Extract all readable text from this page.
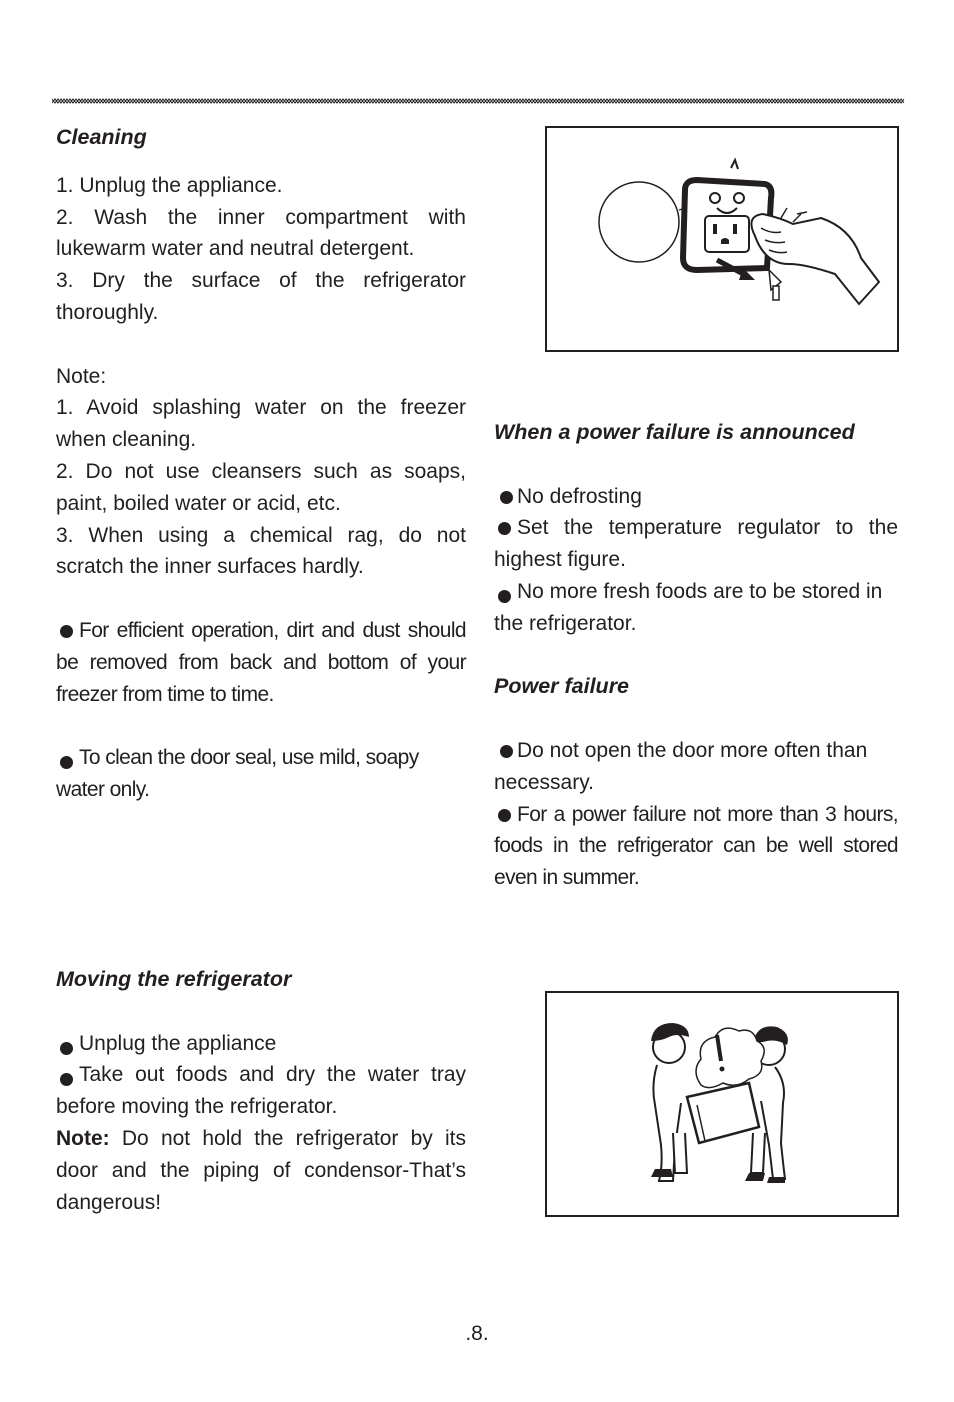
Cleaning

1. Unplug the appliance.

2. Wash the inner compartment with lukewarm water and neutral detergent.

3. Dry the surface of the refrigerator thoroughly.

Note:

1. Avoid splashing water on the freezer when cleaning.

2. Do not use cleansers such as soaps, paint, boiled water or acid, etc.

3. When using a chemical rag, do not scratch the inner surfaces hardly.

For efficient operation, dirt and dust should be removed from back and bottom of your freezer from time to time.

To clean the door seal, use mild, soapy water only.

When a power failure is announced

No defrosting

Set the temperature regulator to the highest figure.

No more fresh foods are to be stored in the refrigerator.

Power failure

Do not open the door more often than necessary.

For a power failure not more than 3 hours, foods in the refrigerator can be well stored even in summer.

Moving the refrigerator

Unplug the appliance

Take out foods and dry the water tray before moving the refrigerator.

Note: Do not hold the refrigerator by its door and the piping of condensor-That’s dangerous!

.8.
